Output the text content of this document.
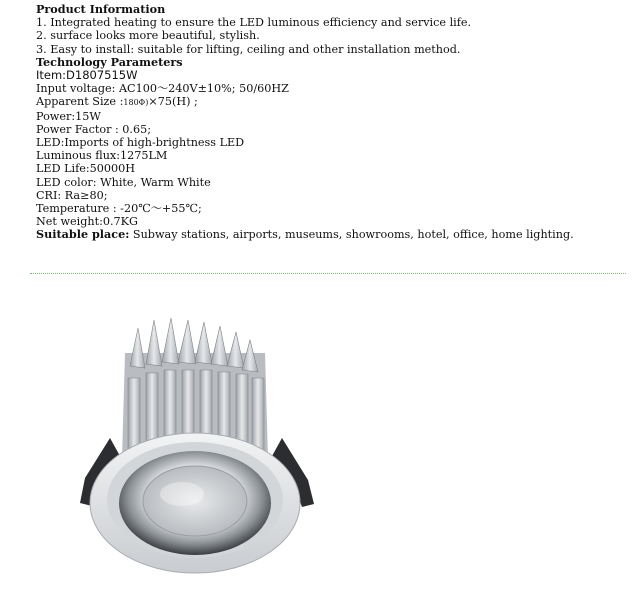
Product Information
1. Integrated heating to ensure the LED luminous efficiency and service life.
2. surface looks more beautiful, stylish.
3. Easy to install: suitable for lifting, ceiling and other installation method.
Technology Parameters
Item:D1807515W
Input voltage: AC100～240V±10%; 50/60HZ
Apparent Size :180Φ)×75(H) ;
Power:15W
Power Factor : 0.65;
LED:Imports of high-brightness LED
Luminous flux:1275LM
LED Life:50000H
LED color: White, Warm White
CRI: Ra≥80;
Temperature : -20℃～+55℃;
Net weight:0.7KG
Suitable place: Subway stations, airports, museums, showrooms, hotel, office, home lighting.
